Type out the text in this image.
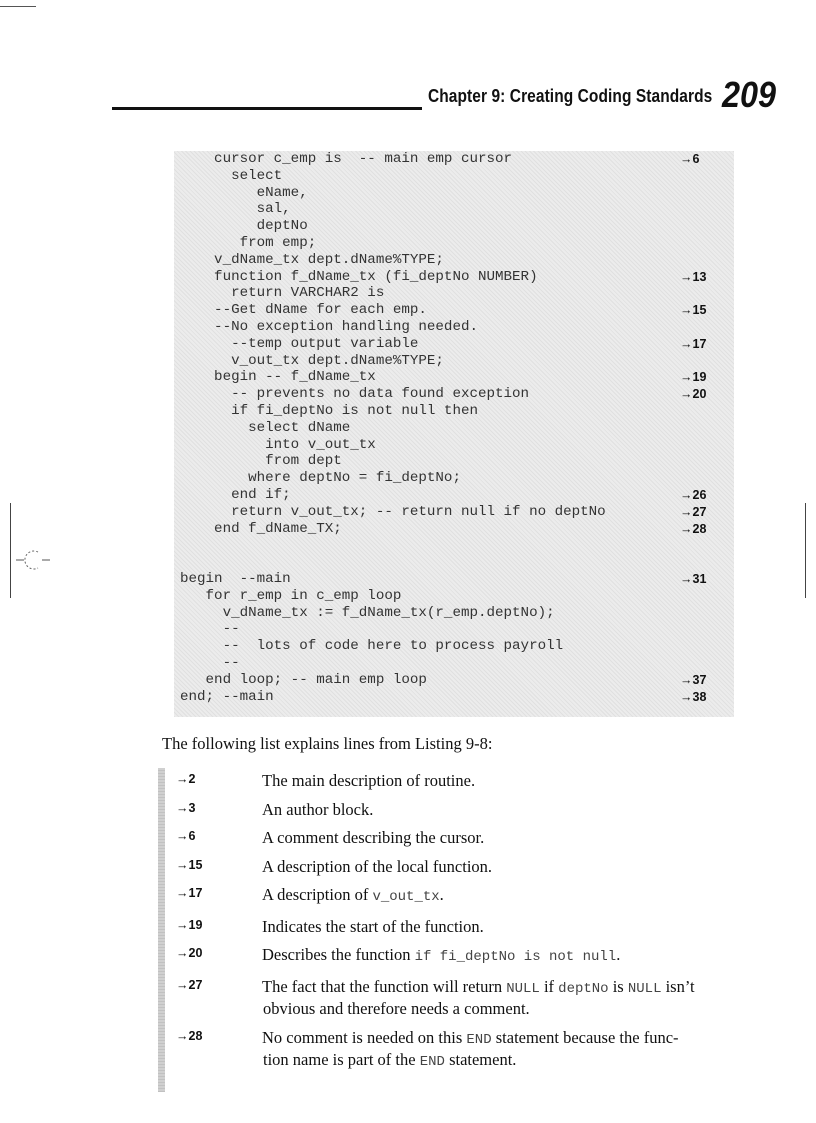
Chapter 9: Creating Coding Standards 209
cursor c_emp is  -- main emp cursor	→6
select
eName,
sal,
deptNo
from emp;
v_dName_tx dept.dName%TYPE;
function f_dName_tx (fi_deptNo NUMBER)	→13
return VARCHAR2 is
--Get dName for each emp.	→15
--No exception handling needed.
--temp output variable	→17
v_out_tx dept.dName%TYPE;
begin -- f_dName_tx	→19
-- prevents no data found exception	→20
if fi_deptNo is not null then
select dName
into v_out_tx
from dept
where deptNo = fi_deptNo;
end if;	→26
return v_out_tx; -- return null if no deptNo	→27
end f_dName_TX;	→28
begin  --main	→31
for r_emp in c_emp loop
v_dName_tx := f_dName_tx(r_emp.deptNo);
--
--  lots of code here to process payroll
--
end loop; -- main emp loop	→37
end; --main	→38
The following list explains lines from Listing 9-8:
→2	The main description of routine.
→3	An author block.
→6	A comment describing the cursor.
→15	A description of the local function.
→17	A description of v_out_tx.
→19	Indicates the start of the function.
→20	Describes the function if fi_deptNo is not null.
→27	The fact that the function will return NULL if deptNo is NULL isn’t
obvious and therefore needs a comment.
→28	No comment is needed on this END statement because the func-
tion name is part of the END statement.
